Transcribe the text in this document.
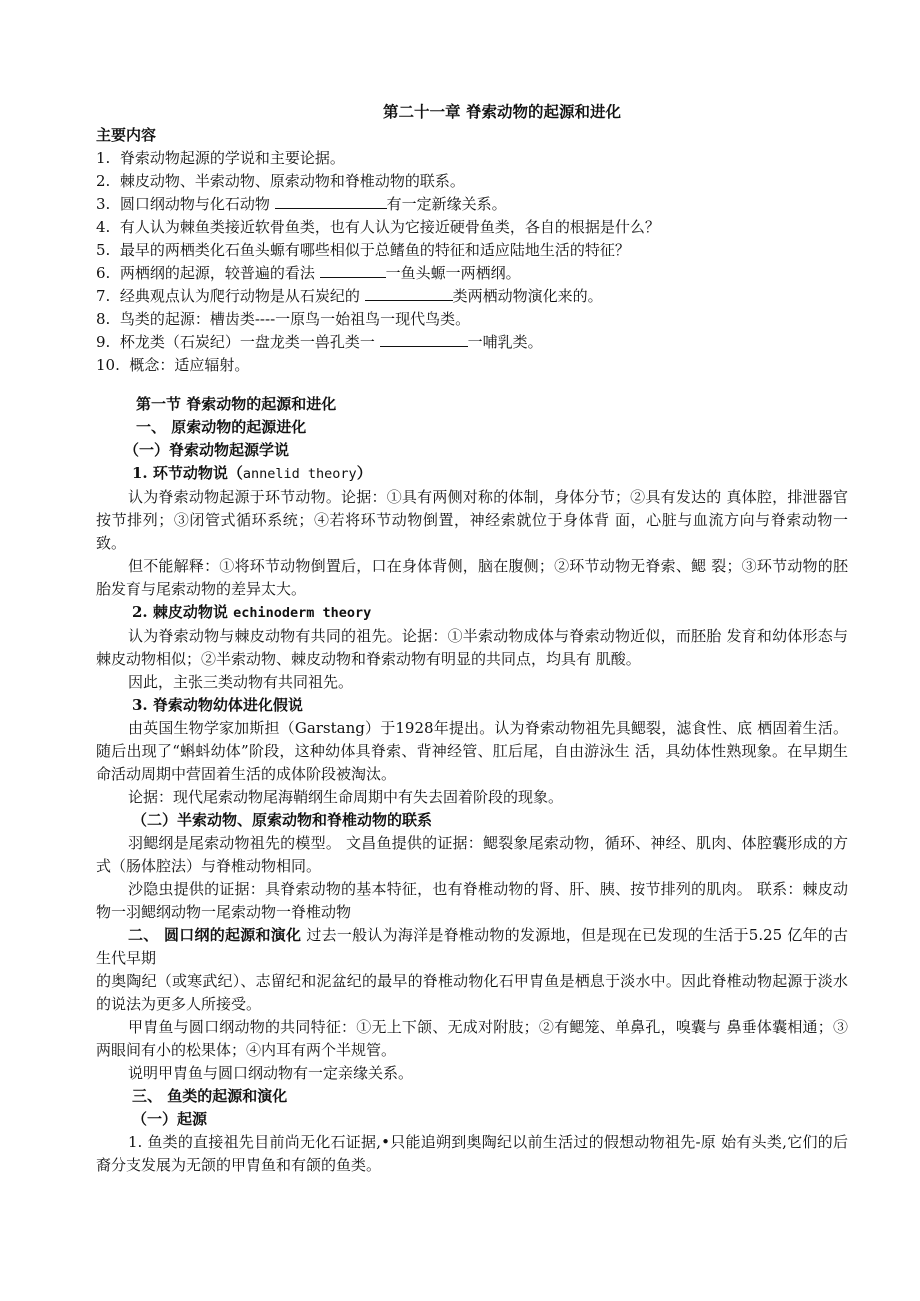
第二十一章 脊索动物的起源和进化
主要内容
1. 脊索动物起源的学说和主要论据。
2. 棘皮动物、半索动物、原索动物和脊椎动物的联系。
3. 圆口纲动物与化石动物	有一定新缘关系。
4. 有人认为棘鱼类接近软骨鱼类，也有人认为它接近硬骨鱼类，各自的根据是什么？
5. 最早的两栖类化石鱼头螈有哪些相似于总鳍鱼的特征和适应陆地生活的特征？
6. 两栖纲的起源，较普遍的看法	一鱼头螈一两栖纲。
7. 经典观点认为爬行动物是从石炭纪的	类两栖动物演化来的。
8. 鸟类的起源：槽齿类----一原鸟一始祖鸟一现代鸟类。
9. 杯龙类（石炭纪）一盘龙类一兽孔类一	一哺乳类。
10. 概念：适应辐射。
第一节 脊索动物的起源和进化
一、 原索动物的起源进化
（一）脊索动物起源学说
1. 环节动物说（annelid theory）
认为脊索动物起源于环节动物。论据：①具有两侧对称的体制，身体分节；②具有发达的 真体腔，排泄器官按节排列；③闭管式循环系统；④若将环节动物倒置，神经索就位于身体背 面，心脏与血流方向与脊索动物一致。
但不能解释：①将环节动物倒置后，口在身体背侧，脑在腹侧；②环节动物无脊索、鳃 裂；③环节动物的胚胎发育与尾索动物的差异太大。
2. 棘皮动物说 echinoderm theory
认为脊索动物与棘皮动物有共同的祖先。论据：①半索动物成体与脊索动物近似，而胚胎 发育和幼体形态与棘皮动物相似；②半索动物、棘皮动物和脊索动物有明显的共同点，均具有 肌酸。
因此，主张三类动物有共同祖先。
3. 脊索动物幼体进化假说
由英国生物学家加斯担（Garstang）于1928年提出。认为脊索动物祖先具鳃裂，滤食性、底 栖固着生活。随后出现了“蝌蚪幼体”阶段，这种幼体具脊索、背神经管、肛后尾，自由游泳生 活，具幼体性熟现象。在早期生命活动周期中营固着生活的成体阶段被淘汰。
论据：现代尾索动物尾海鞘纲生命周期中有失去固着阶段的现象。
（二）半索动物、原索动物和脊椎动物的联系
羽鳃纲是尾索动物祖先的模型。 文昌鱼提供的证据：鳃裂象尾索动物，循环、神经、肌肉、体腔囊形成的方式（肠体腔法）与脊椎动物相同。
沙隐虫提供的证据：具脊索动物的基本特征，也有脊椎动物的肾、肝、胰、按节排列的肌肉。 联系：棘皮动物一羽鳃纲动物一尾索动物一脊椎动物
二、 圆口纲的起源和演化 过去一般认为海洋是脊椎动物的发源地，但是现在已发现的生活于5.25 亿年的古生代早期
的奥陶纪（或寒武纪）、志留纪和泥盆纪的最早的脊椎动物化石甲胄鱼是栖息于淡水中。因此脊椎动物起源于淡水的说法为更多人所接受。
甲胄鱼与圆口纲动物的共同特征：①无上下颌、无成对附肢；②有鳃笼、单鼻孔，嗅囊与 鼻垂体囊相通；③两眼间有小的松果体；④内耳有两个半规管。
说明甲胄鱼与圆口纲动物有一定亲缘关系。
三、 鱼类的起源和演化
（一）起源
1. 鱼类的直接祖先目前尚无化石证据,•只能追朔到奥陶纪以前生活过的假想动物祖先-原 始有头类,它们的后裔分支发展为无颌的甲胄鱼和有颌的鱼类。
